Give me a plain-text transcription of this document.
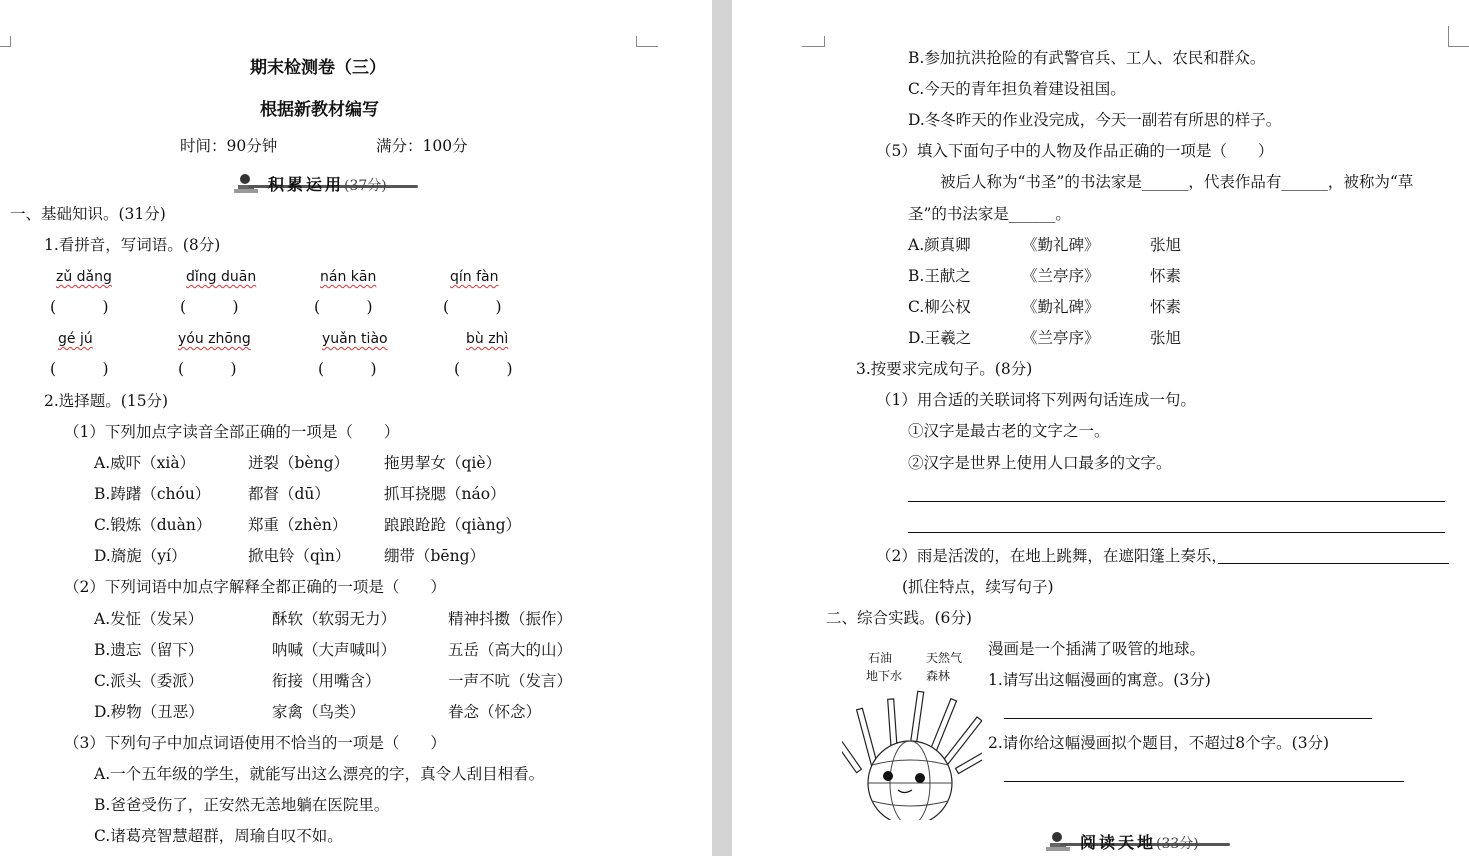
期末检测卷（三）
根据新教材编写
时间：90分钟	满分：100分
积累运用(37分)
一、基础知识。(31分)
1.看拼音，写词语。(8分)
zǔ dǎng	dǐng duān	nán kān	qín fàn
(　　　)	(　　　)	(　　　)	(　　　)
gé jú	yóu zhōng	yuǎn tiào	bù zhì
(　　　)	(　　　)	(　　　)	(　　　)
2.选择题。(15分)
（1）下列加点字读音全部正确的一项是（　　）
A.威吓（xià）	迸裂（bèng） 拖男挈女（qiè）
B.踌躇（chóu） 都督（dū）	抓耳挠腮（náo）
C.锻炼（duàn） 郑重（zhèn） 踉踉跄跄（qiàng）
D.旖旎（yí）	掀电铃（qìn） 绷带（bēng）
（2）下列词语中加点字解释全都正确的一项是（　　）
A.发怔（发呆）	酥软（软弱无力）	精神抖擞（振作）
B.遗忘（留下）	呐喊（大声喊叫）	五岳（高大的山）
C.派头（委派）	衔接（用嘴含）	一声不吭（发言）
D.秽物（丑恶）	家禽（鸟类）	眷念（怀念）
（3）下列句子中加点词语使用不恰当的一项是（　　）
A.一个五年级的学生，就能写出这么漂亮的字，真令人刮目相看。
B.爸爸受伤了，正安然无恙地躺在医院里。
C.诸葛亮智慧超群，周瑜自叹不如。
B.参加抗洪抢险的有武警官兵、工人、农民和群众。
C.今天的青年担负着建设祖国。
D.冬冬昨天的作业没完成，今天一副若有所思的样子。
（5）填入下面句子中的人物及作品正确的一项是（　　）
被后人称为“书圣”的书法家是______，代表作品有______，被称为“草
圣”的书法家是______。
A.颜真卿	《勤礼碑》	张旭
B.王献之	《兰亭序》	怀素
C.柳公权	《勤礼碑》	怀素
D.王羲之	《兰亭序》	张旭
3.按要求完成句子。(8分)
（1）用合适的关联词将下列两句话连成一句。
①汉字是最古老的文字之一。
②汉字是世界上使用人口最多的文字。
（2）雨是活泼的，在地上跳舞，在遮阳篷上奏乐，
(抓住特点，续写句子)
二、综合实践。(6分)
石油	天然气
地下水 森林
漫画是一个插满了吸管的地球。
1.请写出这幅漫画的寓意。(3分)
2.请你给这幅漫画拟个题目，不超过8个字。(3分)
阅读天地(33分)
